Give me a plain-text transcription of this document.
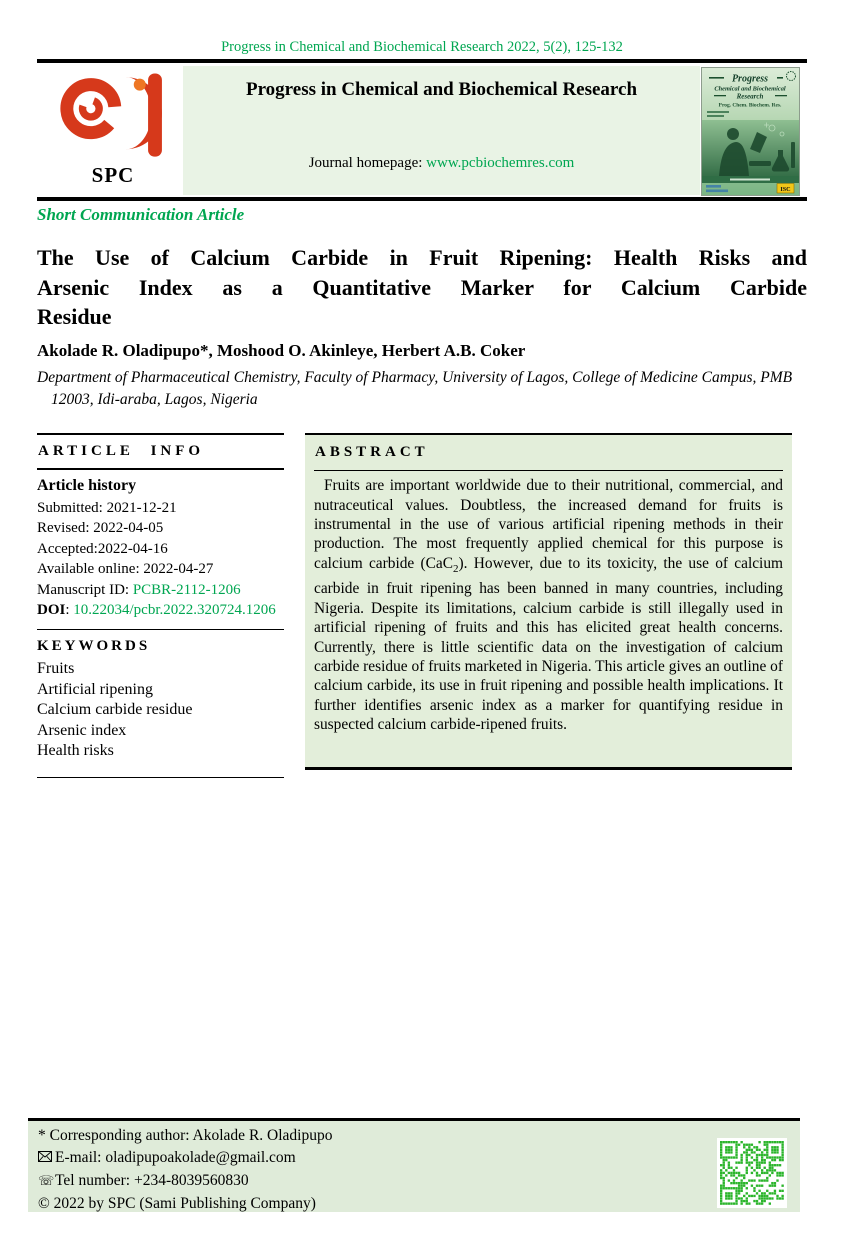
Progress in Chemical and Biochemical Research 2022, 5(2), 125-132
SPC
Progress in Chemical and Biochemical Research
Journal homepage: www.pcbiochemres.com
Progress
Chemical and Biochemical
Research
Prog. Chem. Biochem. Res.
ISC
Short Communication Article
The Use of Calcium Carbide in Fruit Ripening: Health Risks and
Arsenic Index as a Quantitative Marker for Calcium Carbide
Residue
Akolade R. Oladipupo*, Moshood O. Akinleye, Herbert A.B. Coker
Department of Pharmaceutical Chemistry, Faculty of Pharmacy, University of Lagos, College of Medicine Campus, PMB 12003, Idi-araba, Lagos, Nigeria
ARTICLE INFO
Article history
Submitted: 2021-12-21
Revised: 2022-04-05
Accepted:2022-04-16
Available online: 2022-04-27
Manuscript ID: PCBR-2112-1206
DOI: 10.22034/pcbr.2022.320724.1206
KEYWORDS
Fruits
Artificial ripening
Calcium carbide residue
Arsenic index
Health risks
ABSTRACT

Fruits are important worldwide due to their nutritional, commercial, and nutraceutical values. Doubtless, the increased demand for fruits is instrumental in the use of various artificial ripening methods in their production. The most frequently applied chemical for this purpose is calcium carbide (CaC$_2$). However, due to its toxicity, the use of calcium carbide in fruit ripening has been banned in many countries, including Nigeria. Despite its limitations, calcium carbide is still illegally used in artificial ripening of fruits and this has elicited great health concerns. Currently, there is little scientific data on the investigation of calcium carbide residue of fruits marketed in Nigeria. This article gives an outline of calcium carbide, its use in fruit ripening and possible health implications. It further identifies arsenic index as a marker for quantifying residue in suspected calcium carbide-ripened fruits.

* Corresponding author: Akolade R. Oladipupo
E-mail: oladipupoakolade@gmail.com
☏Tel number: +234-8039560830
© 2022 by SPC (Sami Publishing Company)
